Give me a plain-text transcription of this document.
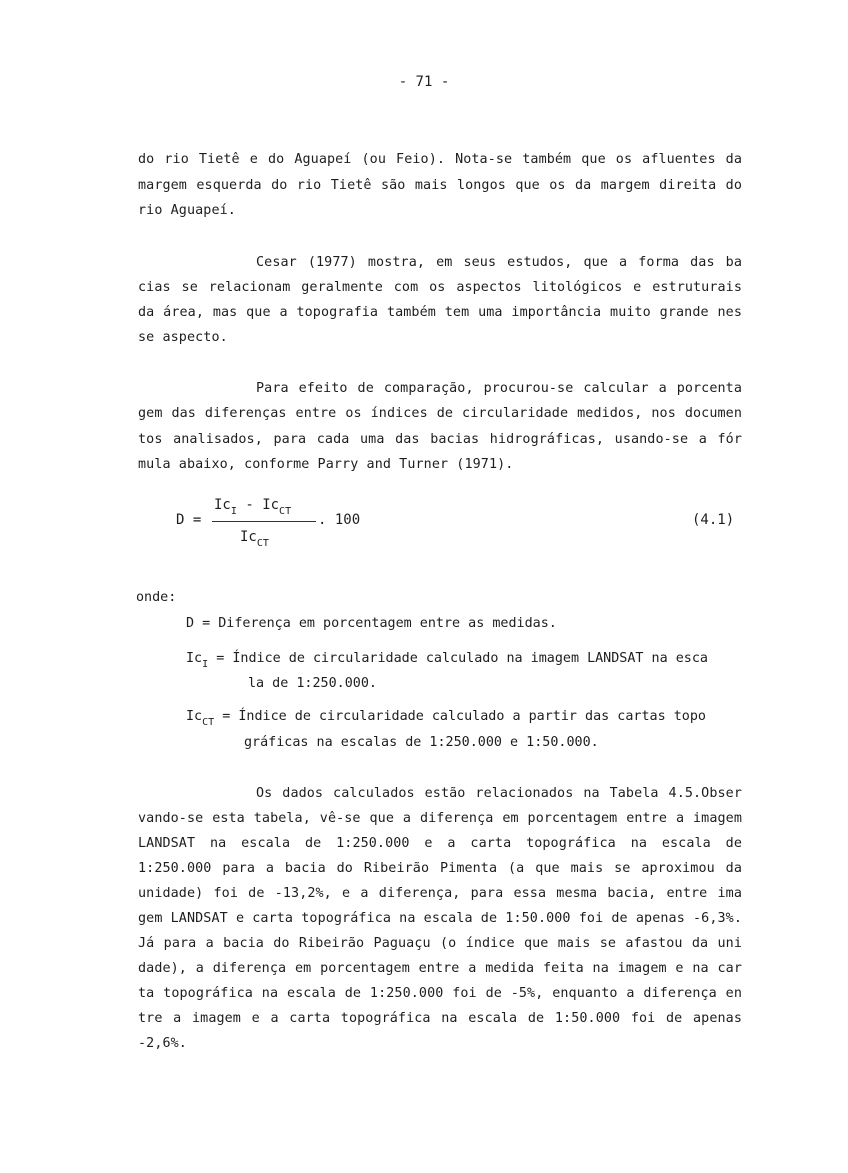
- 71 -
do rio Tietê e do Aguapeí (ou Feio). Nota-se também que os afluentes da
margem esquerda do rio Tietê são mais longos que os da margem direita do
rio Aguapeí.
Cesar (1977) mostra, em seus estudos, que a forma das ba
cias se relacionam geralmente com os aspectos litológicos e estruturais
da área, mas que a topografia também tem uma importância muito grande nes
se aspecto.
Para efeito de comparação, procurou-se calcular a porcenta
gem das diferenças entre os índices de circularidade medidos, nos documen
tos analisados, para cada uma das bacias hidrográficas, usando-se a fór
mula abaixo, conforme Parry and Turner (1971).
D =
$Ic_I - Ic_{CT}$
$Ic_{CT}$
. 100	(4.1)
onde:
D = Diferença em porcentagem entre as medidas.
$Ic_I$ = Índice de circularidade calculado na imagem LANDSAT na esca
la de 1:250.000.
$Ic_{CT}$ = Índice de circularidade calculado a partir das cartas topo
gráficas na escalas de 1:250.000 e 1:50.000.
Os dados calculados estão relacionados na Tabela 4.5.Obser
vando-se esta tabela, vê-se que a diferença em porcentagem entre a imagem
LANDSAT na escala de 1:250.000 e a carta topográfica na escala de
1:250.000 para a bacia do Ribeirão Pimenta (a que mais se aproximou da
unidade) foi de -13,2%, e a diferença, para essa mesma bacia, entre ima
gem LANDSAT e carta topográfica na escala de 1:50.000 foi de apenas -6,3%.
Já para a bacia do Ribeirão Paguaçu (o índice que mais se afastou da uni
dade), a diferença em porcentagem entre a medida feita na imagem e na car
ta topográfica na escala de 1:250.000 foi de -5%, enquanto a diferença en
tre a imagem e a carta topográfica na escala de 1:50.000 foi de apenas
-2,6%.
